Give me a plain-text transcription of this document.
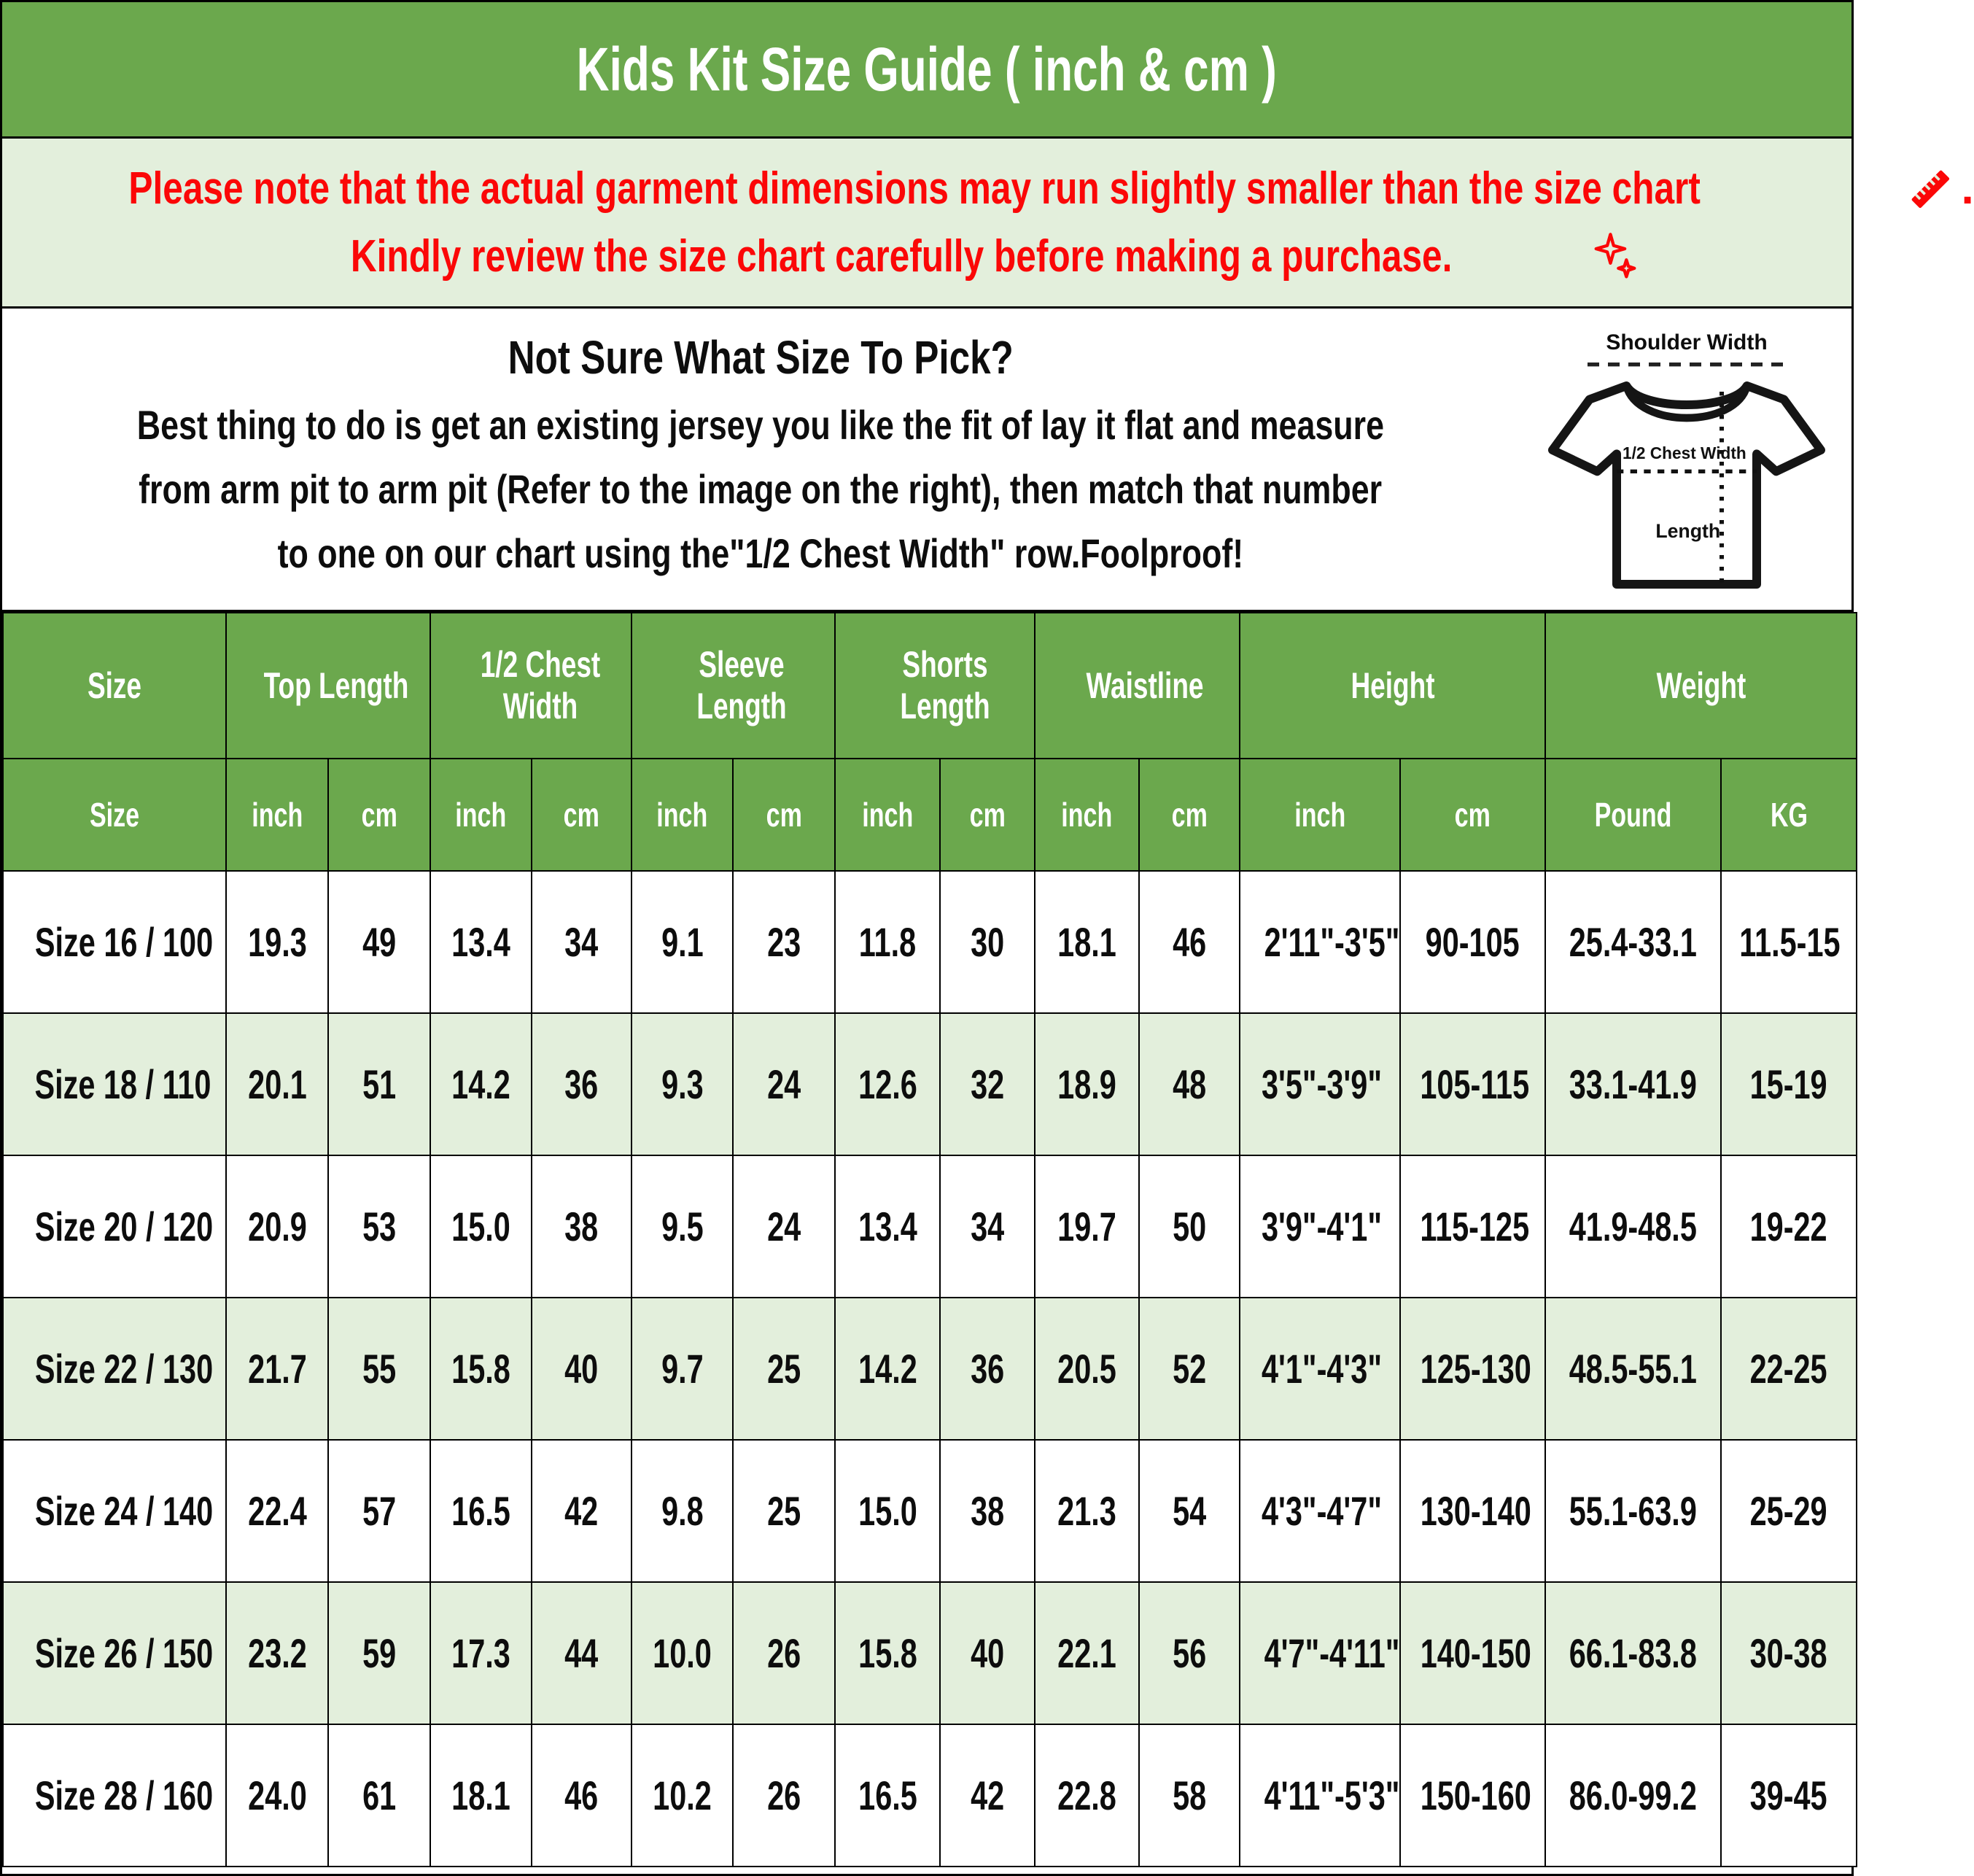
Kids Kit Size Guide ( inch & cm )
Please note that the actual garment dimensions may run slightly smaller than the size chart	.
Kindly review the size chart carefully before making a purchase.
Not Sure What Size To Pick?
Best thing to do is get an existing jersey you like the fit of lay it flat and measure
from arm pit to arm pit (Refer to the image on the right), then match that number
to one on our chart using the"1/2 Chest Width" row.Foolproof!
Shoulder Width
1/2 Chest Width
Length
Size	Top Length		1/2 Chest Width		Sleeve Length		Shorts Length		Waistline		Height		Weight	
Size	inch	cm	inch	cm	inch	cm	inch	cm	inch	cm	inch	cm	Pound	KG
Size 16 / 100	19.3	49	13.4	34	9.1	23	11.8	30	18.1	46	2'11"-3'5"	90-105	25.4-33.1	11.5-15
Size 18 / 110	20.1	51	14.2	36	9.3	24	12.6	32	18.9	48	3'5"-3'9"	105-115	33.1-41.9	15-19
Size 20 / 120	20.9	53	15.0	38	9.5	24	13.4	34	19.7	50	3'9"-4'1"	115-125	41.9-48.5	19-22
Size 22 / 130	21.7	55	15.8	40	9.7	25	14.2	36	20.5	52	4'1"-4'3"	125-130	48.5-55.1	22-25
Size 24 / 140	22.4	57	16.5	42	9.8	25	15.0	38	21.3	54	4'3"-4'7"	130-140	55.1-63.9	25-29
Size 26 / 150	23.2	59	17.3	44	10.0	26	15.8	40	22.1	56	4'7"-4'11"	140-150	66.1-83.8	30-38
Size 28 / 160	24.0	61	18.1	46	10.2	26	16.5	42	22.8	58	4'11"-5'3"	150-160	86.0-99.2	39-45
